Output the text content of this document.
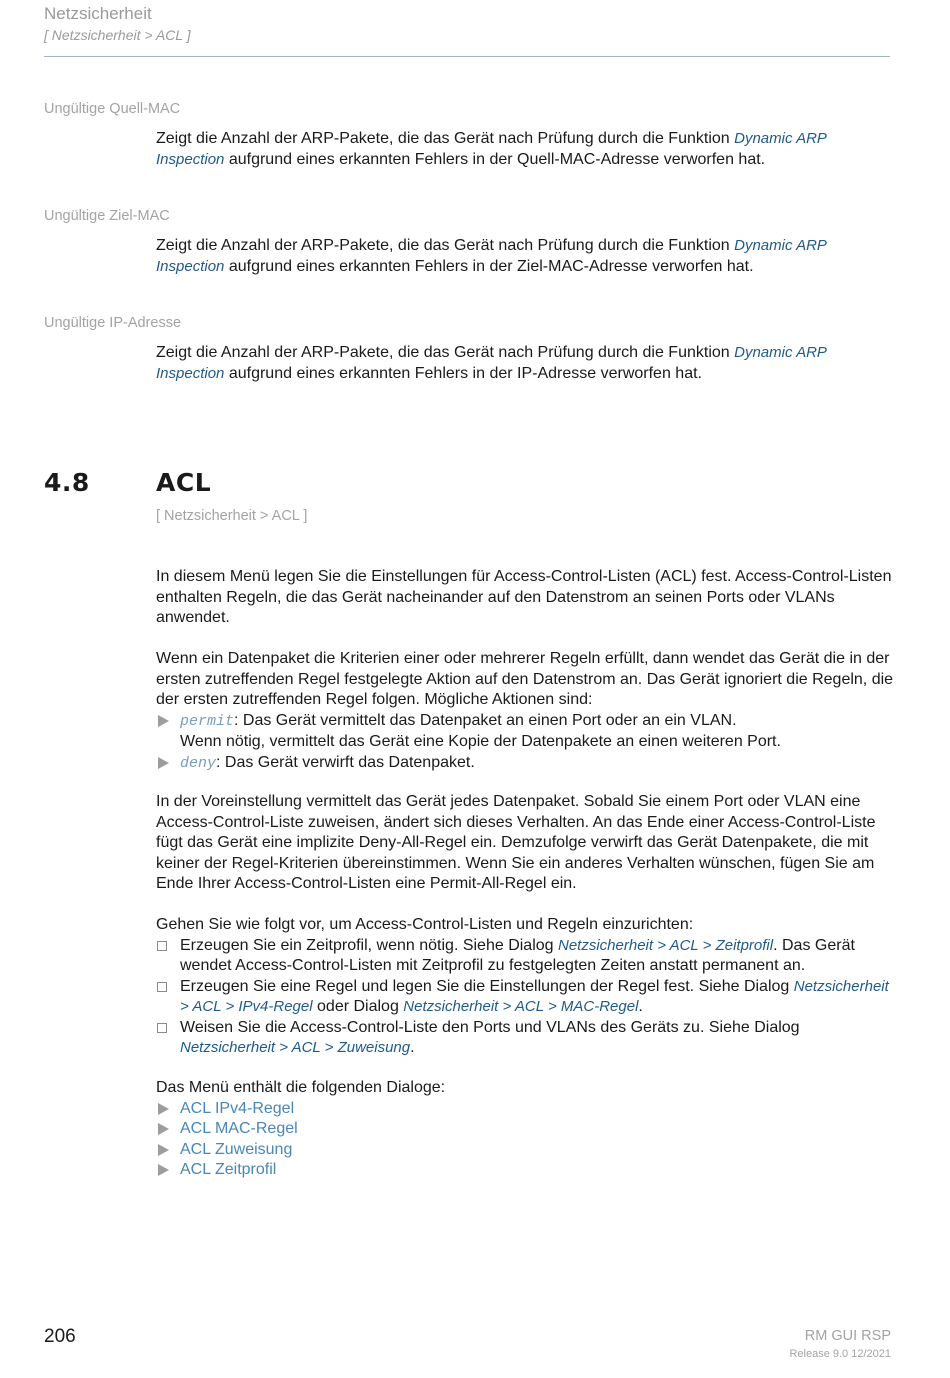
Netzsicherheit
[ Netzsicherheit > ACL ]
Ungültige Quell-MAC
Zeigt die Anzahl der ARP-Pakete, die das Gerät nach Prüfung durch die Funktion Dynamic ARP Inspection aufgrund eines erkannten Fehlers in der Quell-MAC-Adresse verworfen hat.
Ungültige Ziel-MAC
Zeigt die Anzahl der ARP-Pakete, die das Gerät nach Prüfung durch die Funktion Dynamic ARP Inspection aufgrund eines erkannten Fehlers in der Ziel-MAC-Adresse verworfen hat.
Ungültige IP-Adresse
Zeigt die Anzahl der ARP-Pakete, die das Gerät nach Prüfung durch die Funktion Dynamic ARP Inspection aufgrund eines erkannten Fehlers in der IP-Adresse verworfen hat.
4.8	ACL
[ Netzsicherheit > ACL ]
In diesem Menü legen Sie die Einstellungen für Access-Control-Listen (ACL) fest. Access-Control-Listen enthalten Regeln, die das Gerät nacheinander auf den Datenstrom an seinen Ports oder VLANs anwendet.
Wenn ein Datenpaket die Kriterien einer oder mehrerer Regeln erfüllt, dann wendet das Gerät die in der ersten zutreffenden Regel festgelegte Aktion auf den Datenstrom an. Das Gerät ignoriert die Regeln, die der ersten zutreffenden Regel folgen. Mögliche Aktionen sind:
permit: Das Gerät vermittelt das Datenpaket an einen Port oder an ein VLAN.
Wenn nötig, vermittelt das Gerät eine Kopie der Datenpakete an einen weiteren Port.
deny: Das Gerät verwirft das Datenpaket.
In der Voreinstellung vermittelt das Gerät jedes Datenpaket. Sobald Sie einem Port oder VLAN eine Access-Control-Liste zuweisen, ändert sich dieses Verhalten. An das Ende einer Access-Control-Liste fügt das Gerät eine implizite Deny-All-Regel ein. Demzufolge verwirft das Gerät Datenpakete, die mit keiner der Regel-Kriterien übereinstimmen. Wenn Sie ein anderes Verhalten wünschen, fügen Sie am Ende Ihrer Access-Control-Listen eine Permit-All-Regel ein.
Gehen Sie wie folgt vor, um Access-Control-Listen und Regeln einzurichten:
Erzeugen Sie ein Zeitprofil, wenn nötig. Siehe Dialog Netzsicherheit > ACL > Zeitprofil. Das Gerät wendet Access-Control-Listen mit Zeitprofil zu festgelegten Zeiten anstatt permanent an.
Erzeugen Sie eine Regel und legen Sie die Einstellungen der Regel fest. Siehe Dialog Netzsicherheit > ACL > IPv4-Regel oder Dialog Netzsicherheit > ACL > MAC-Regel.
Weisen Sie die Access-Control-Liste den Ports und VLANs des Geräts zu. Siehe Dialog Netzsicherheit > ACL > Zuweisung.
Das Menü enthält die folgenden Dialoge:
ACL IPv4-Regel
ACL MAC-Regel
ACL Zuweisung
ACL Zeitprofil
206	RM GUI RSP
Release 9.0 12/2021
